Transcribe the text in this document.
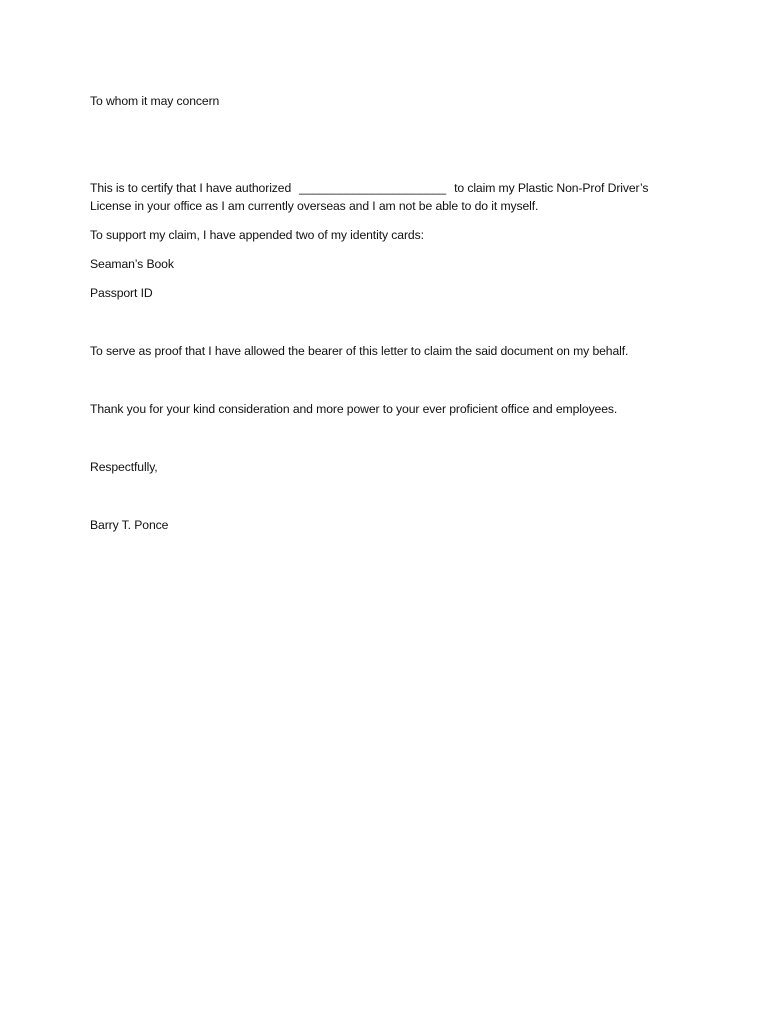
To whom it may concern
This is to certify that I have authorized ______________________ to claim my Plastic Non-Prof Driver’s
License in your office as I am currently overseas and I am not be able to do it myself.
To support my claim, I have appended two of my identity cards:
Seaman’s Book
Passport ID
To serve as proof that I have allowed the bearer of this letter to claim the said document on my behalf.
Thank you for your kind consideration and more power to your ever proficient office and employees.
Respectfully,
Barry T. Ponce
